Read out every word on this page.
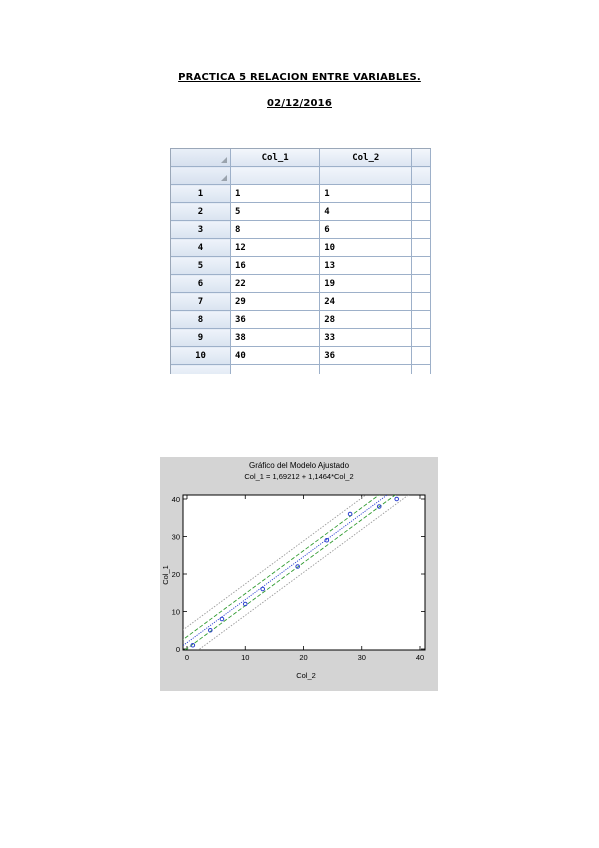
PRACTICA 5 RELACION ENTRE VARIABLES.
02/12/2016
	Col_1	Col_2	

1	1	1	
2	5	4	
3	8	6	
4	12	10	
5	16	13	
6	22	19	
7	29	24	
8	36	28	
9	38	33	
10	40	36	

Gráfico del Modelo Ajustado
Col_1 = 1,69212 + 1,1464*Col_2
Col_2
Col_1
0	10	20	30	40
0
10
20
30
40
